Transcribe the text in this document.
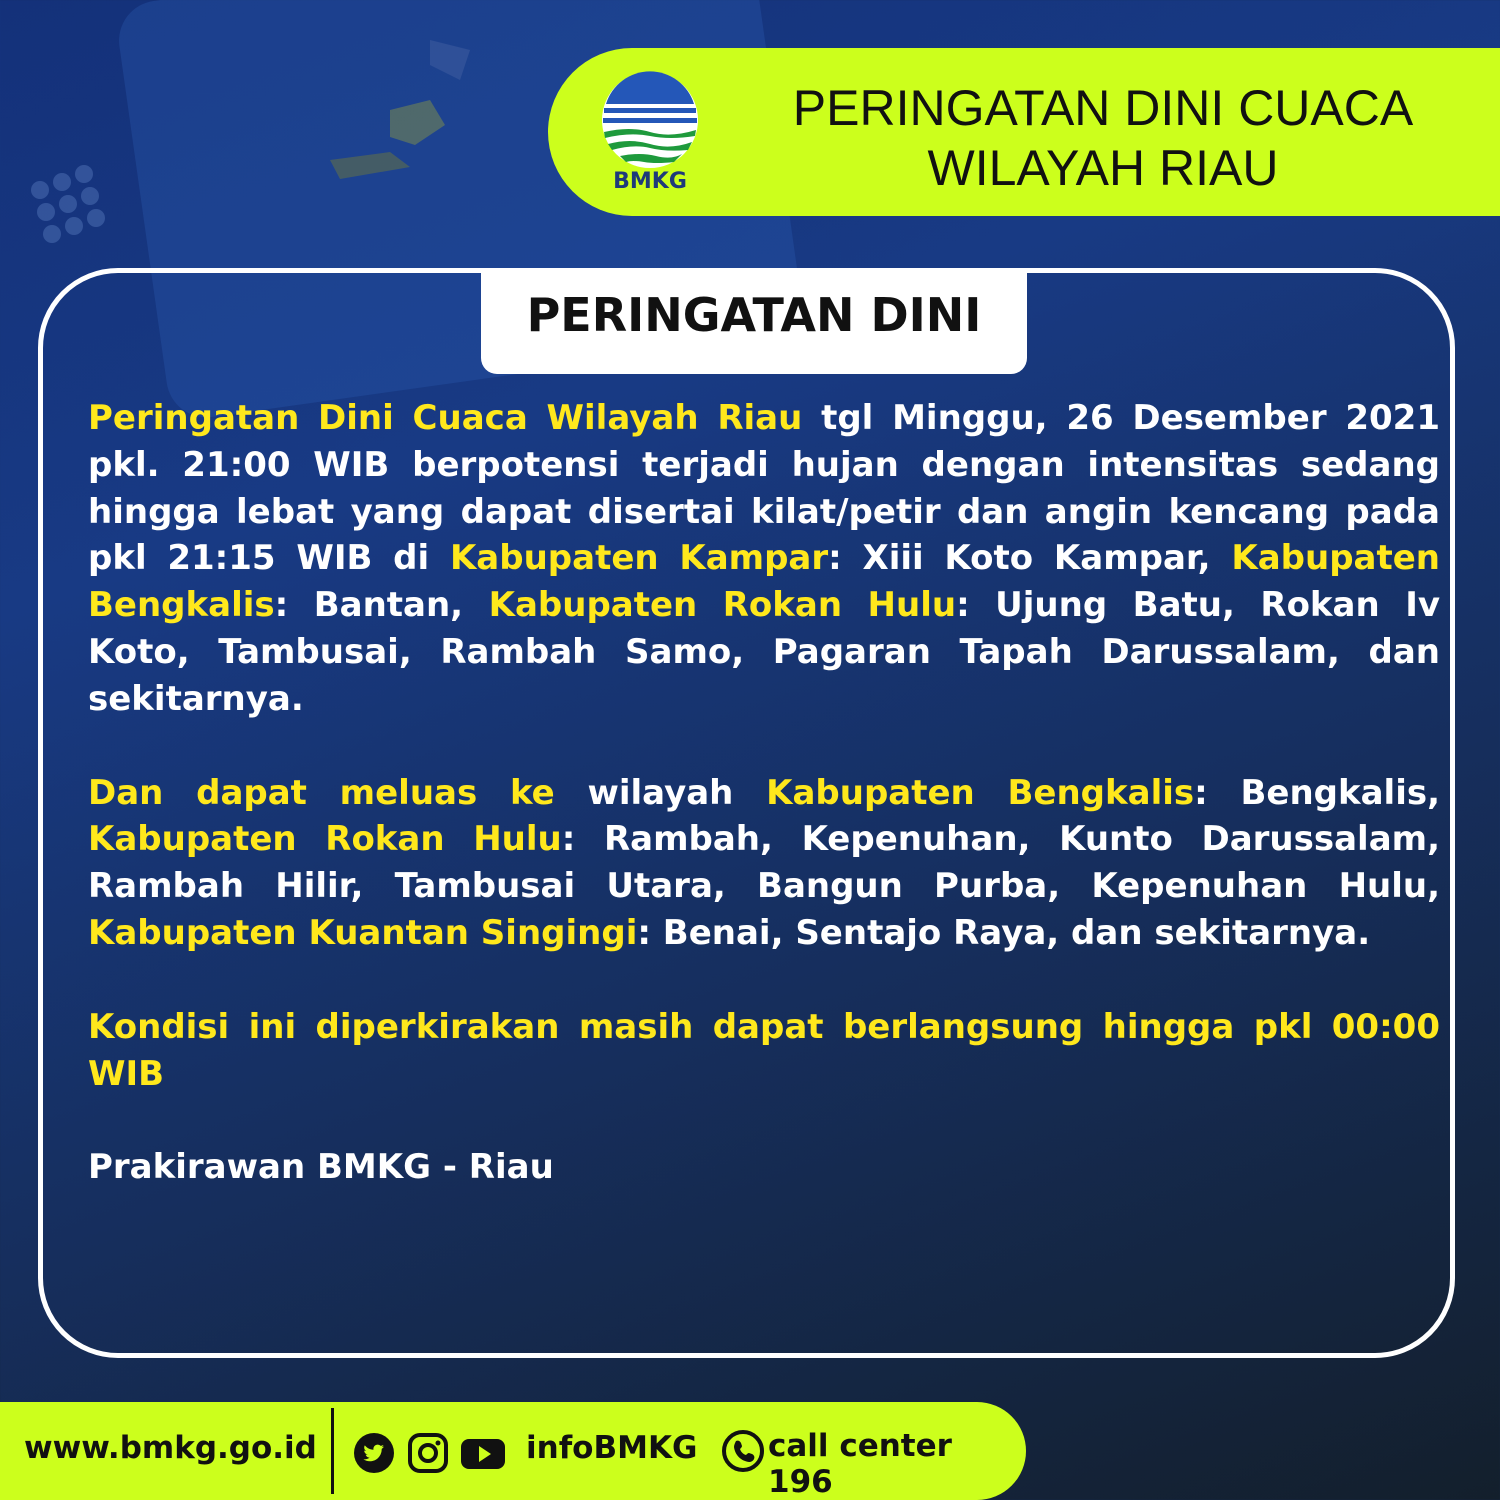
BMKG
PERINGATAN DINI CUACA
WILAYAH RIAU
PERINGATAN DINI

Peringatan Dini Cuaca Wilayah Riau tgl Minggu, 26 Desember 2021 pkl. 21:00 WIB berpotensi terjadi hujan dengan intensitas sedang hingga lebat yang dapat disertai kilat/petir dan angin kencang pada pkl 21:15 WIB di Kabupaten Kampar: Xiii Koto Kampar, Kabupaten Bengkalis: Bantan, Kabupaten Rokan Hulu: Ujung Batu, Rokan Iv Koto, Tambusai, Rambah Samo, Pagaran Tapah Darussalam, dan sekitarnya.

Dan dapat meluas ke wilayah Kabupaten Bengkalis: Bengkalis, Kabupaten Rokan Hulu: Rambah, Kepenuhan, Kunto Darussalam, Rambah Hilir, Tambusai Utara, Bangun Purba, Kepenuhan Hulu, Kabupaten Kuantan Singingi: Benai, Sentajo Raya, dan sekitarnya.

Kondisi ini diperkirakan masih dapat berlangsung hingga pkl 00:00 WIB

Prakirawan BMKG - Riau

www.bmkg.go.id	infoBMKG call center 196
